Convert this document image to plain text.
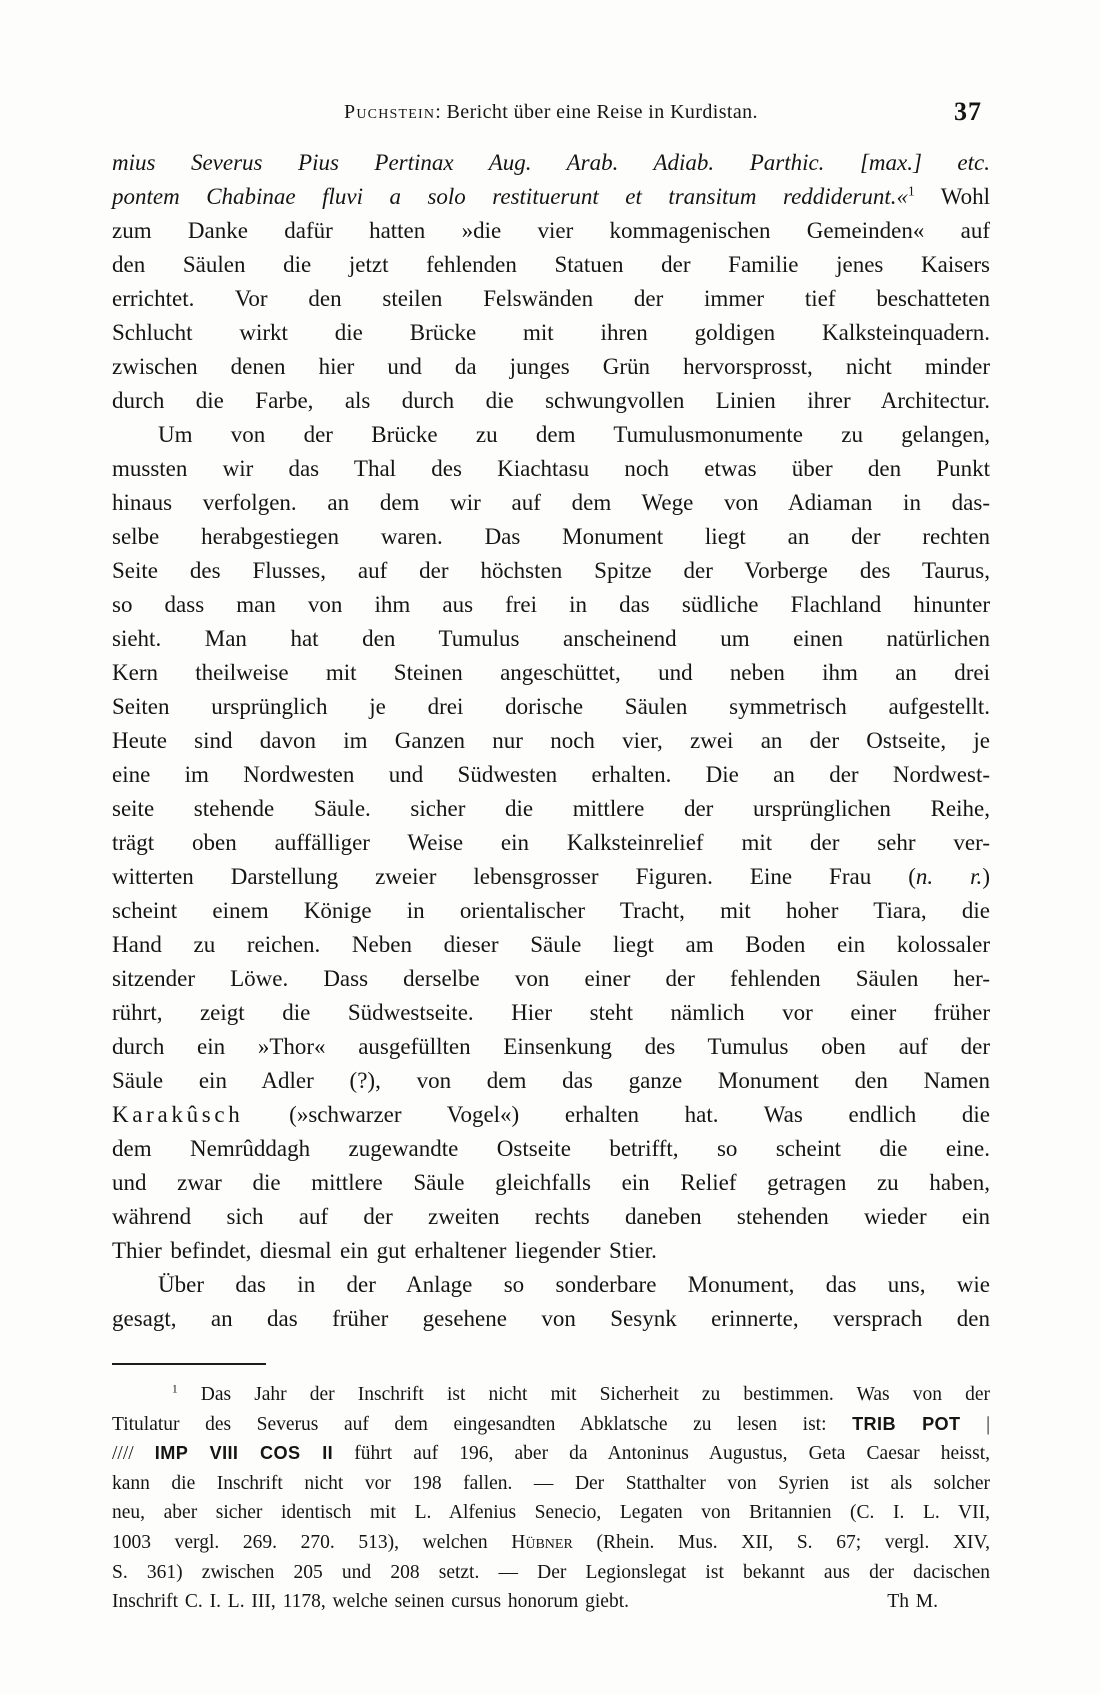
Puchstein: Bericht über eine Reise in Kurdistan.	37
mius Severus Pius Pertinax Aug. Arab. Adiab. Parthic. [max.] etc.
pontem Chabinae fluvi a solo restituerunt et transitum reddiderunt.«$^1$ Wohl
zum Danke dafür hatten »die vier kommagenischen Gemeinden« auf
den Säulen die jetzt fehlenden Statuen der Familie jenes Kaisers
errichtet. Vor den steilen Felswänden der immer tief beschatteten
Schlucht wirkt die Brücke mit ihren goldigen Kalksteinquadern.
zwischen denen hier und da junges Grün hervorsprosst, nicht minder
durch die Farbe, als durch die schwungvollen Linien ihrer Architectur.
Um von der Brücke zu dem Tumulusmonumente zu gelangen,
mussten wir das Thal des Kiachtasu noch etwas über den Punkt
hinaus verfolgen. an dem wir auf dem Wege von Adiaman in das-
selbe herabgestiegen waren. Das Monument liegt an der rechten
Seite des Flusses, auf der höchsten Spitze der Vorberge des Taurus,
so dass man von ihm aus frei in das südliche Flachland hinunter
sieht. Man hat den Tumulus anscheinend um einen natürlichen
Kern theilweise mit Steinen angeschüttet, und neben ihm an drei
Seiten ursprünglich je drei dorische Säulen symmetrisch aufgestellt.
Heute sind davon im Ganzen nur noch vier, zwei an der Ostseite, je
eine im Nordwesten und Südwesten erhalten. Die an der Nordwest-
seite stehende Säule. sicher die mittlere der ursprünglichen Reihe,
trägt oben auffälliger Weise ein Kalksteinrelief mit der sehr ver-
witterten Darstellung zweier lebensgrosser Figuren. Eine Frau (n. r.)
scheint einem Könige in orientalischer Tracht, mit hoher Tiara, die
Hand zu reichen. Neben dieser Säule liegt am Boden ein kolossaler
sitzender Löwe. Dass derselbe von einer der fehlenden Säulen her-
rührt, zeigt die Südwestseite. Hier steht nämlich vor einer früher
durch ein »Thor« ausgefüllten Einsenkung des Tumulus oben auf der
Säule ein Adler (?), von dem das ganze Monument den Namen
Karakûsch (»schwarzer Vogel«) erhalten hat. Was endlich die
dem Nemrûddagh zugewandte Ostseite betrifft, so scheint die eine.
und zwar die mittlere Säule gleichfalls ein Relief getragen zu haben,
während sich auf der zweiten rechts daneben stehenden wieder ein
Thier befindet, diesmal ein gut erhaltener liegender Stier.
Über das in der Anlage so sonderbare Monument, das uns, wie
gesagt, an das früher gesehene von Sesynk erinnerte, versprach den
$^1$ Das Jahr der Inschrift ist nicht mit Sicherheit zu bestimmen. Was von der
Titulatur des Severus auf dem eingesandten Abklatsche zu lesen ist: TRIB POT |
//// IMP VIII COS II führt auf 196, aber da Antoninus Augustus, Geta Caesar heisst,
kann die Inschrift nicht vor 198 fallen. — Der Statthalter von Syrien ist als solcher
neu, aber sicher identisch mit L. Alfenius Senecio, Legaten von Britannien (C. I. L. VII,
1003 vergl. 269. 270. 513), welchen Hübner (Rhein. Mus. XII, S. 67; vergl. XIV,
S. 361) zwischen 205 und 208 setzt. — Der Legionslegat ist bekannt aus der dacischen
Inschrift C. I. L. III, 1178, welche seinen cursus honorum giebt.	Th M.
